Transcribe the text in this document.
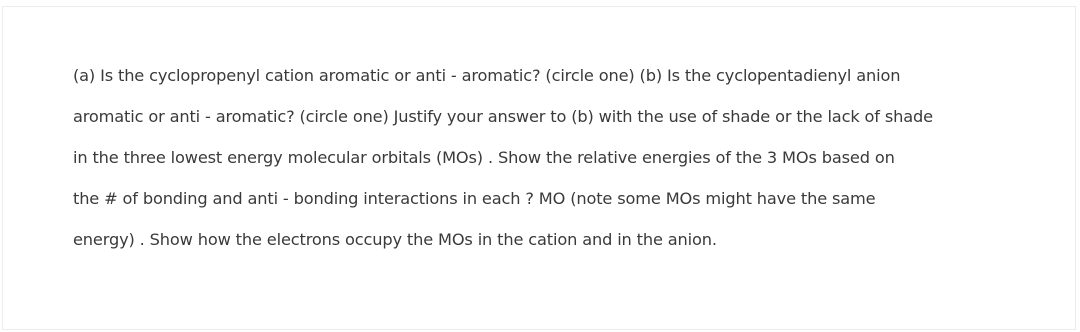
(a) Is the cyclopropenyl cation aromatic or anti - aromatic? (circle one) (b) Is the cyclopentadienyl anion
aromatic or anti - aromatic? (circle one) Justify your answer to (b) with the use of shade or the lack of shade
in the three lowest energy molecular orbitals (MOs) . Show the relative energies of the 3 MOs based on
the # of bonding and anti - bonding interactions in each ? MO (note some MOs might have the same
energy) . Show how the electrons occupy the MOs in the cation and in the anion.
